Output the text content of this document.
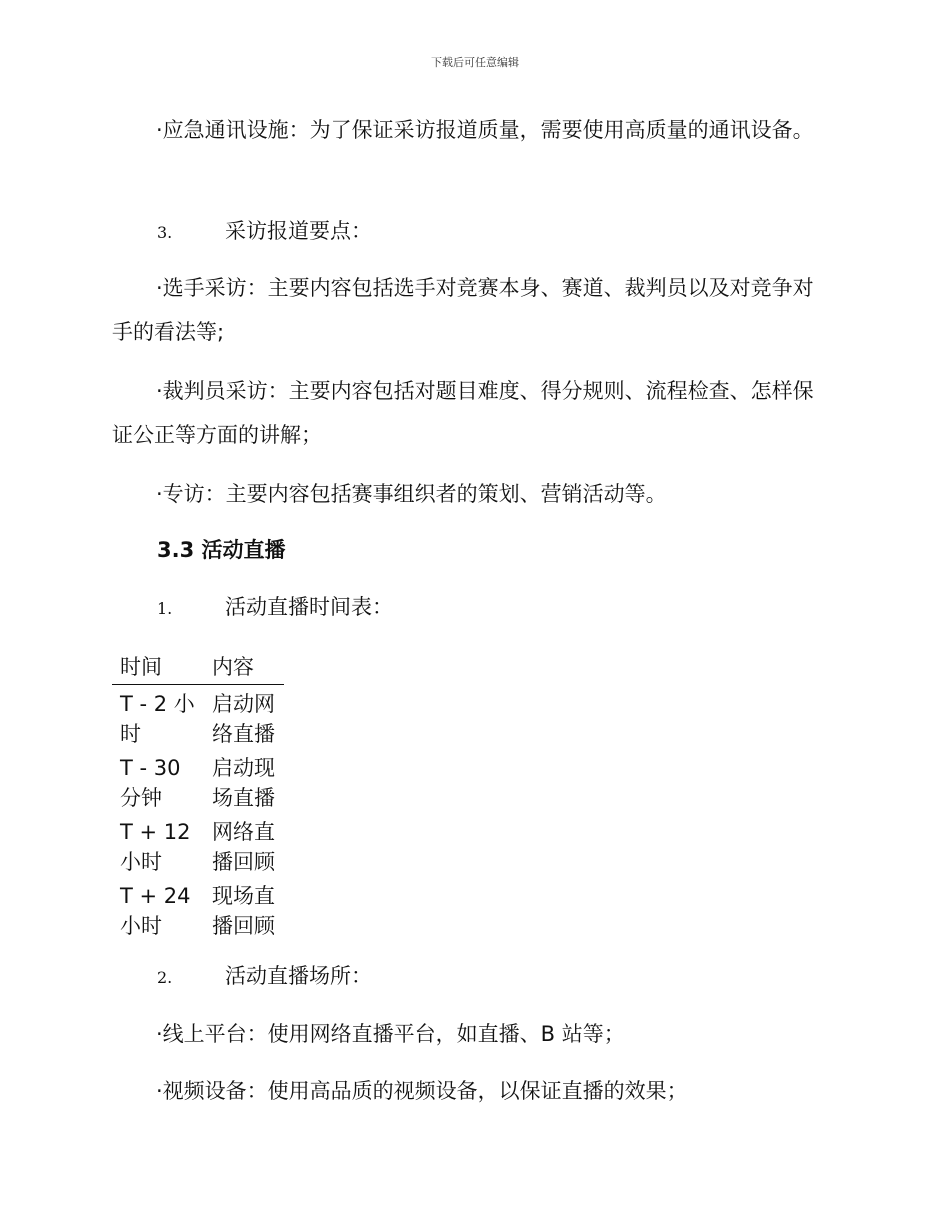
下载后可任意编辑

·应急通讯设施：为了保证采访报道质量，需要使用高质量的通讯设备。

3.	采访报道要点：

·选手采访：主要内容包括选手对竞赛本身、赛道、裁判员以及对竞争对手的看法等;

·裁判员采访：主要内容包括对题目难度、得分规则、流程检查、怎样保证公正等方面的讲解；

·专访：主要内容包括赛事组织者的策划、营销活动等。

3.3 活动直播
1.	活动直播时间表：
时间	内容
T - 2 小时	启动网络直播
T - 30 分钟	启动现场直播
T + 12 小时	网络直播回顾
T + 24 小时	现场直播回顾
2.	活动直播场所：

·线上平台：使用网络直播平台，如直播、B 站等；

·视频设备：使用高品质的视频设备，以保证直播的效果；
